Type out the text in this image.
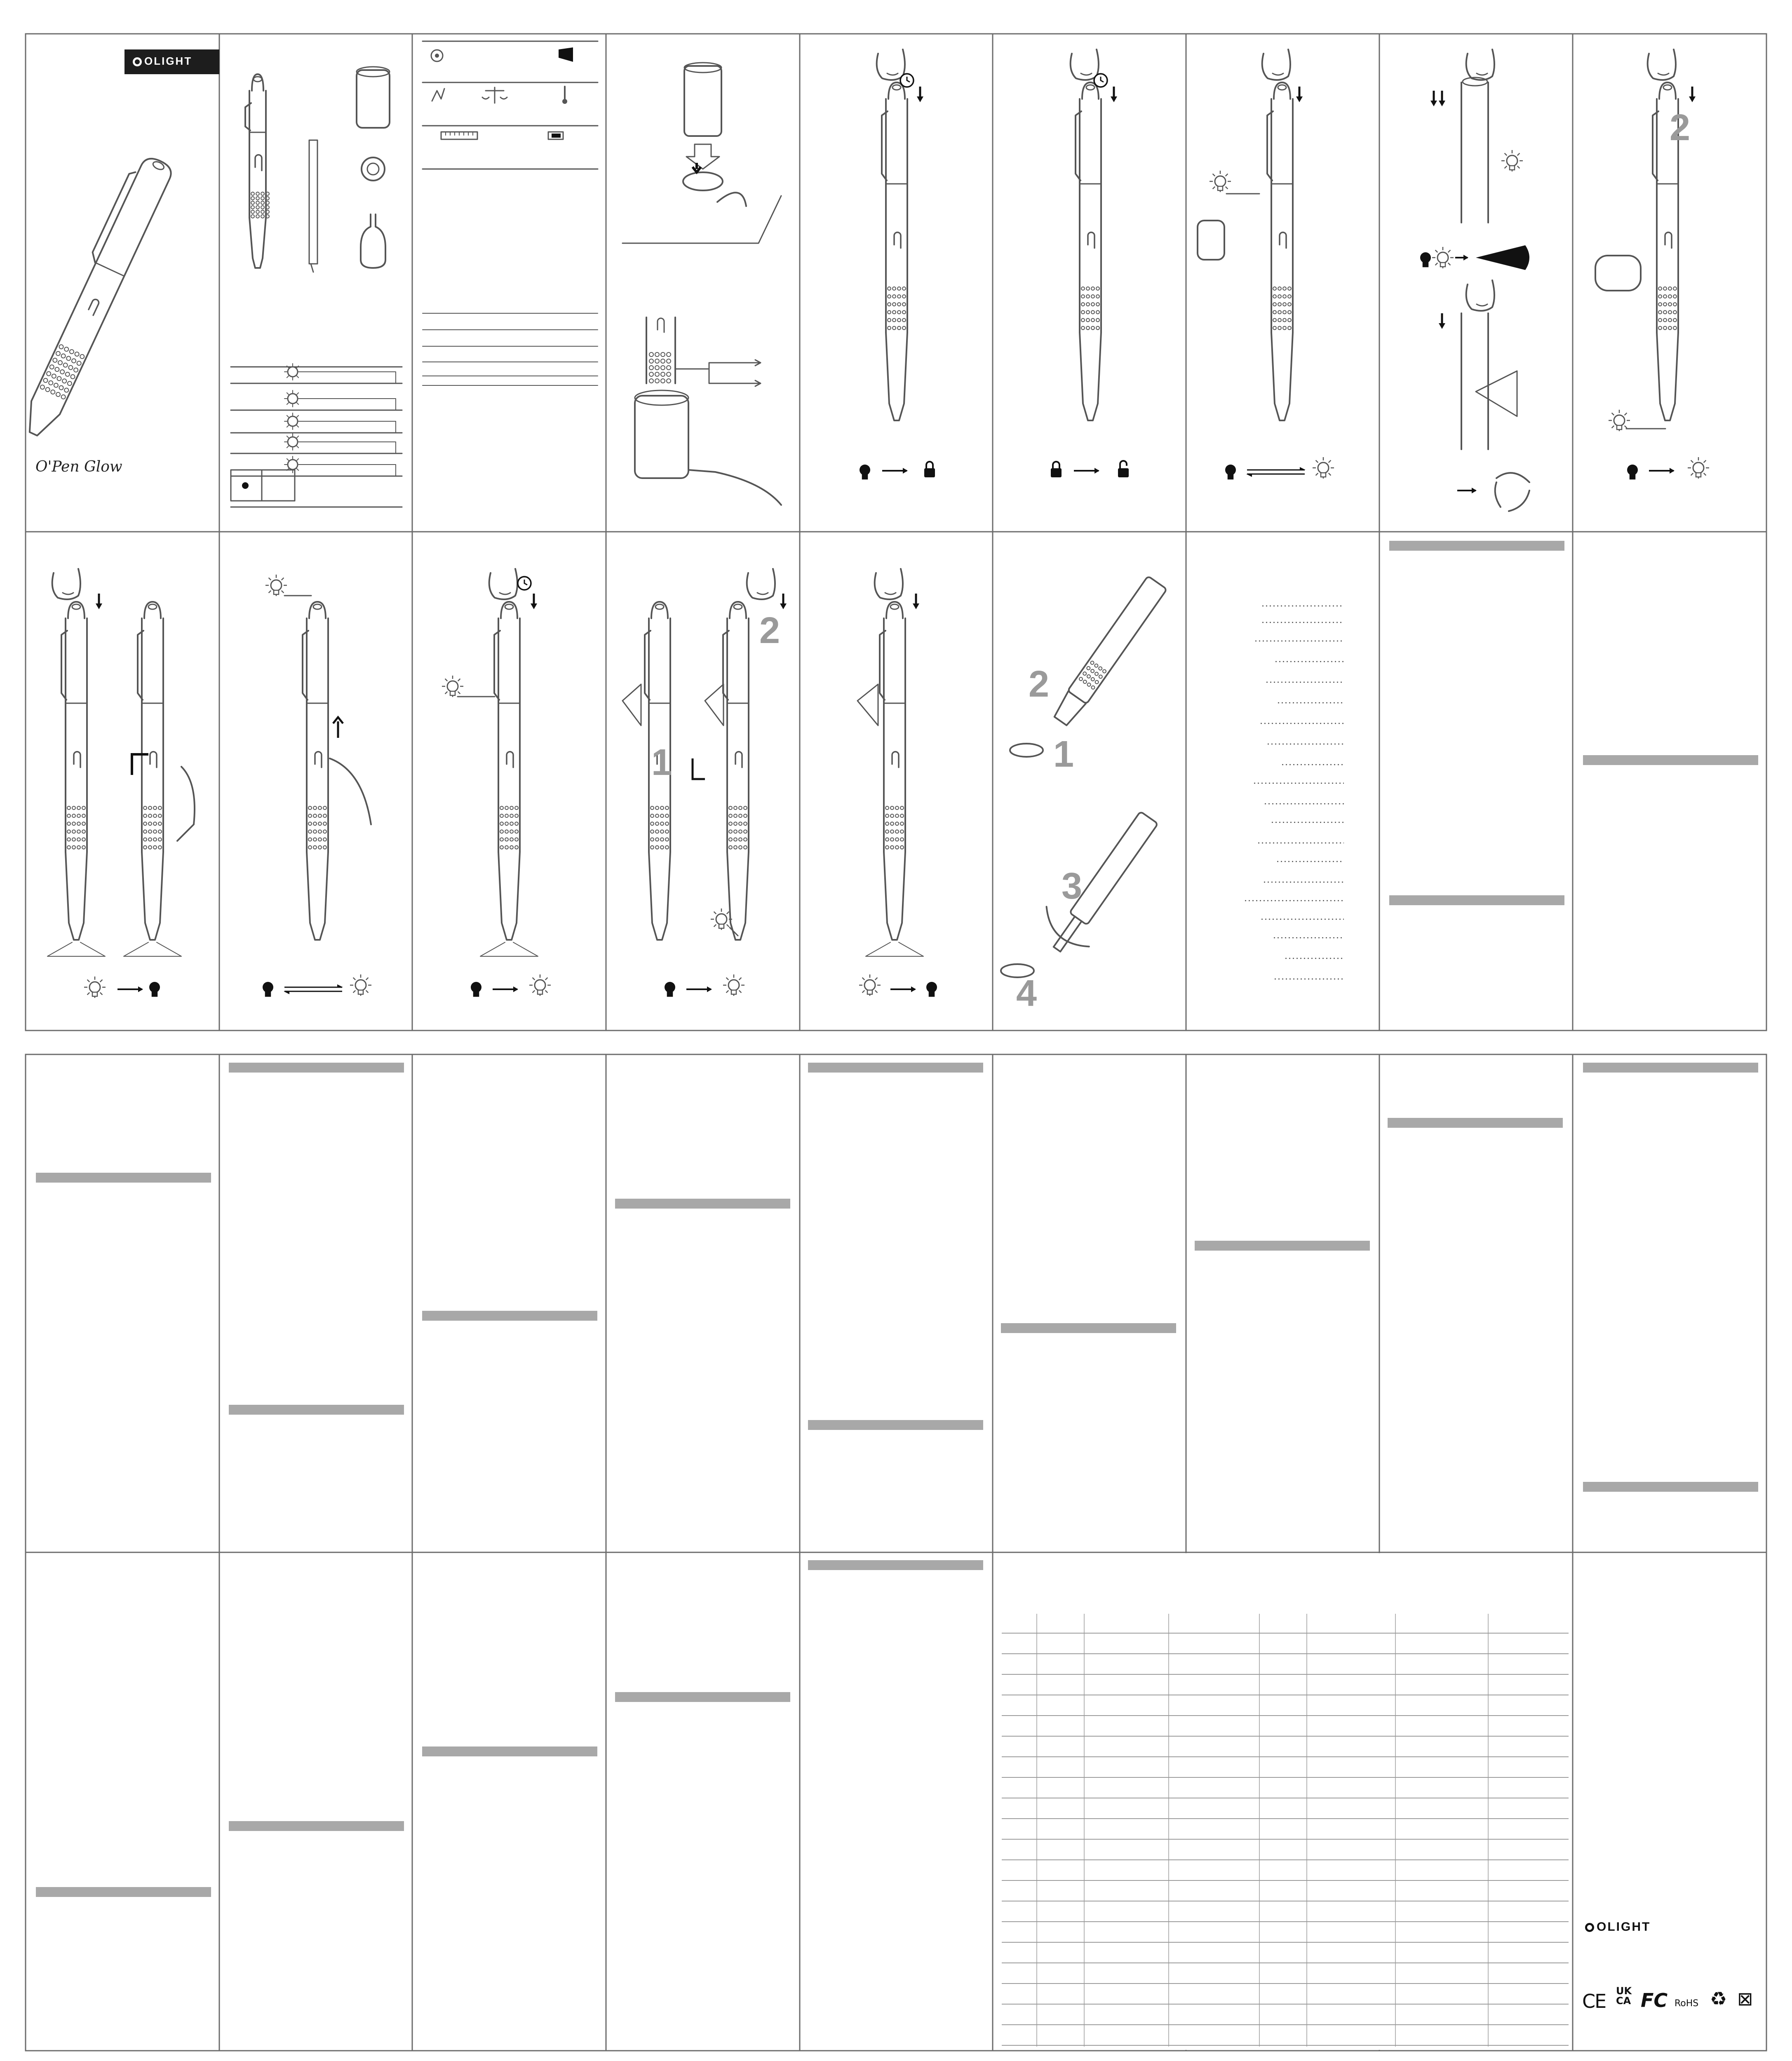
2
1
2
2
1
3
4
OLIGHT
O'Pen Glow
OLIGHT
CE UK CA FC RoHS ♻ ⊠
